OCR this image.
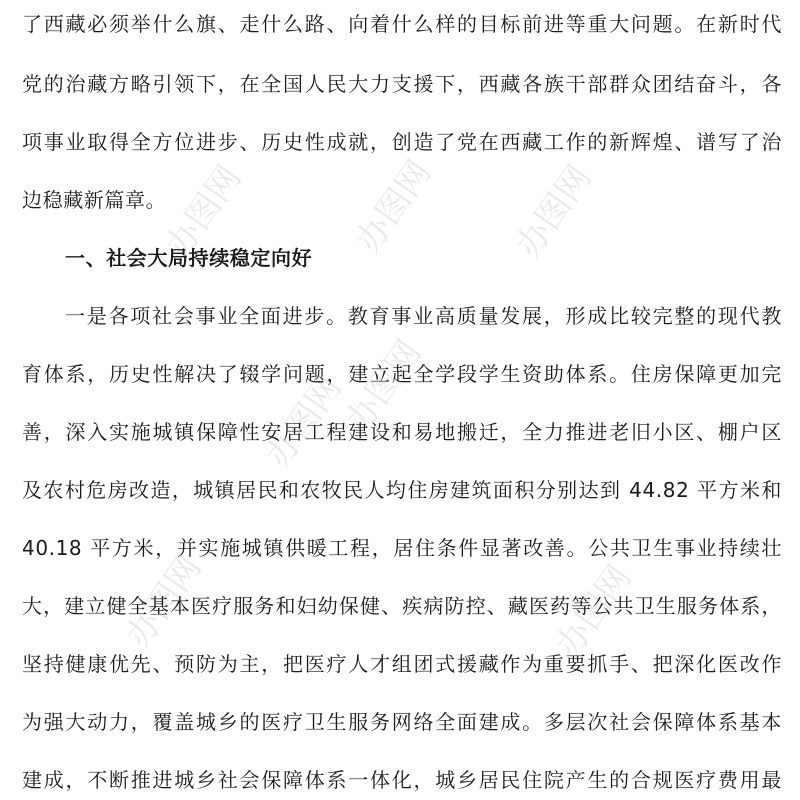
办图网	办图网 办图网
办图网
办图网
办图网	办图网
了西藏必须举什么旗、走什么路、向着什么样的目标前进等重大问题。在新时代
党的治藏方略引领下，在全国人民大力支援下，西藏各族干部群众团结奋斗，各
项事业取得全方位进步、历史性成就，创造了党在西藏工作的新辉煌、谱写了治
边稳藏新篇章。
一、社会大局持续稳定向好
一是各项社会事业全面进步。教育事业高质量发展，形成比较完整的现代教
育体系，历史性解决了辍学问题，建立起全学段学生资助体系。住房保障更加完
善，深入实施城镇保障性安居工程建设和易地搬迁，全力推进老旧小区、棚户区
及农村危房改造，城镇居民和农牧民人均住房建筑面积分别达到 44.82 平方米和
40.18 平方米，并实施城镇供暖工程，居住条件显著改善。公共卫生事业持续壮
大，建立健全基本医疗服务和妇幼保健、疾病防控、藏医药等公共卫生服务体系，
坚持健康优先、预防为主，把医疗人才组团式援藏作为重要抓手、把深化医改作
为强大动力，覆盖城乡的医疗卫生服务网络全面建成。多层次社会保障体系基本
建成，不断推进城乡社会保障体系一体化，城乡居民住院产生的合规医疗费用最
